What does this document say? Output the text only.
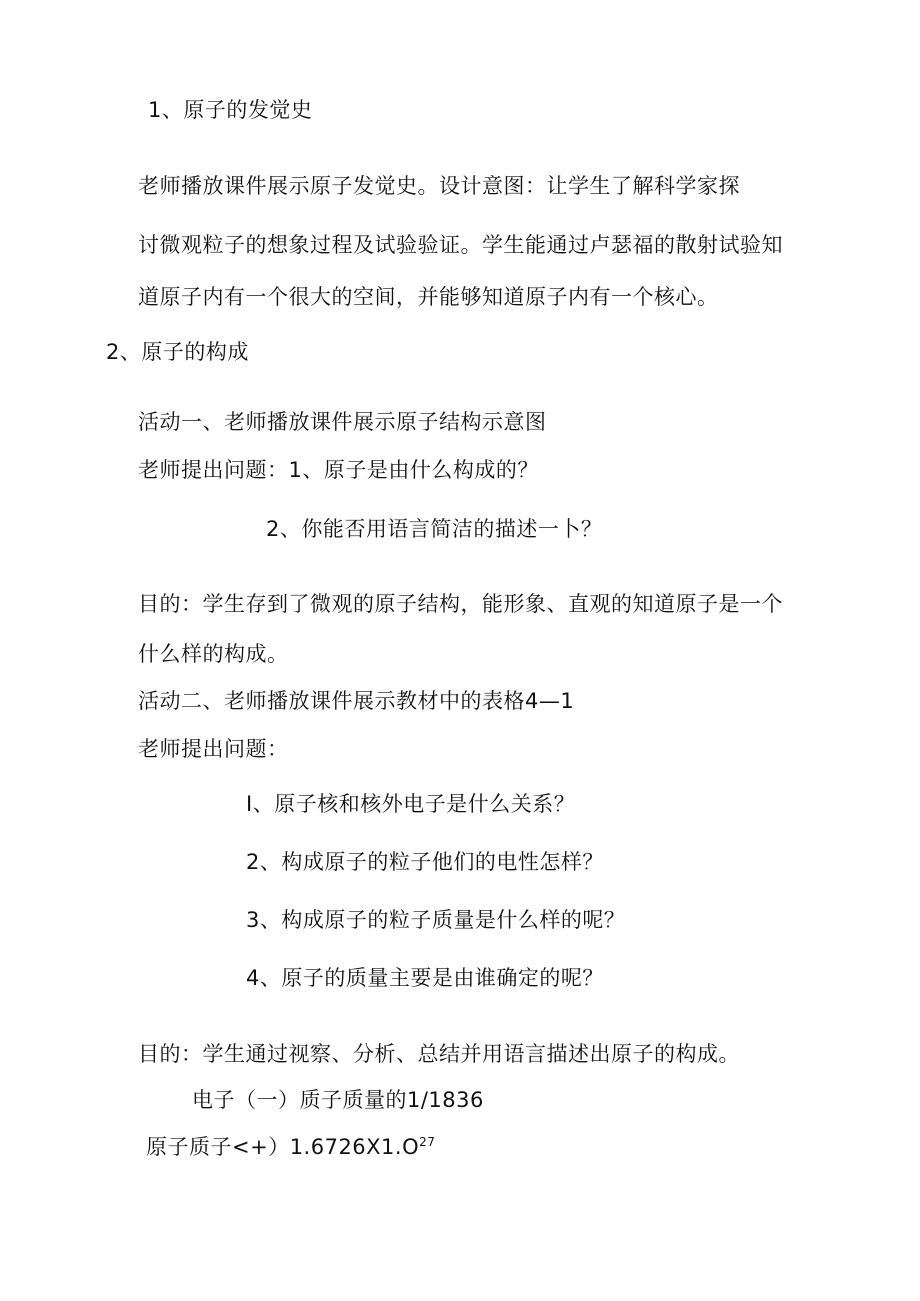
1、原子的发觉史
老师播放课件展示原子发觉史。设计意图：让学生了解科学家探
讨微观粒子的想象过程及试验验证。学生能通过卢瑟福的散射试验知
道原子内有一个很大的空间，并能够知道原子内有一个核心。
2、原子的构成
活动一、老师播放课件展示原子结构示意图
老师提出问题：1、原子是由什么构成的？
2、你能否用语言简洁的描述一卜？
目的：学生存到了微观的原子结构，能形象、直观的知道原子是一个
什么样的构成。
活动二、老师播放课件展示教材中的表格4—1
老师提出问题：
I、原子核和核外电子是什么关系？
2、构成原子的粒子他们的电性怎样？
3、构成原子的粒子质量是什么样的呢？
4、原子的质量主要是由谁确定的呢？
目的：学生通过视察、分析、总结并用语言描述出原子的构成。
电子（一）质子质量的1/1836
原子质子$<+)1.6726X1.O^{27}$
